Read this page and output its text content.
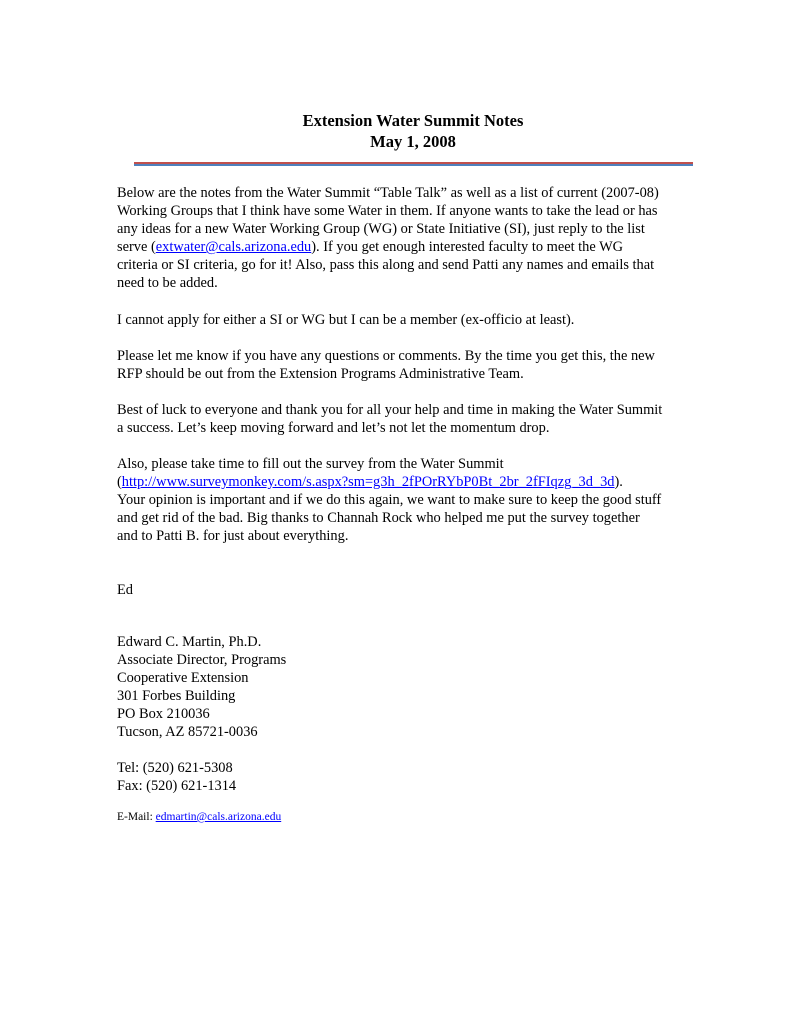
Extension Water Summit Notes
May 1, 2008
Below are the notes from the Water Summit “Table Talk” as well as a list of current (2007-08)
Working Groups that I think have some Water in them. If anyone wants to take the lead or has
any ideas for a new Water Working Group (WG) or State Initiative (SI), just reply to the list
serve (extwater@cals.arizona.edu). If you get enough interested faculty to meet the WG
criteria or SI criteria, go for it! Also, pass this along and send Patti any names and emails that
need to be added.
I cannot apply for either a SI or WG but I can be a member (ex-officio at least).
Please let me know if you have any questions or comments. By the time you get this, the new
RFP should be out from the Extension Programs Administrative Team.
Best of luck to everyone and thank you for all your help and time in making the Water Summit
a success. Let’s keep moving forward and let’s not let the momentum drop.
Also, please take time to fill out the survey from the Water Summit
(http://www.surveymonkey.com/s.aspx?sm=g3h_2fPOrRYbP0Bt_2br_2fFIqzg_3d_3d).
Your opinion is important and if we do this again, we want to make sure to keep the good stuff
and get rid of the bad. Big thanks to Channah Rock who helped me put the survey together
and to Patti B. for just about everything.
Ed
Edward C. Martin, Ph.D.
Associate Director, Programs
Cooperative Extension
301 Forbes Building
PO Box 210036
Tucson, AZ 85721-0036
Tel: (520) 621-5308
Fax: (520) 621-1314
E-Mail: edmartin@cals.arizona.edu
